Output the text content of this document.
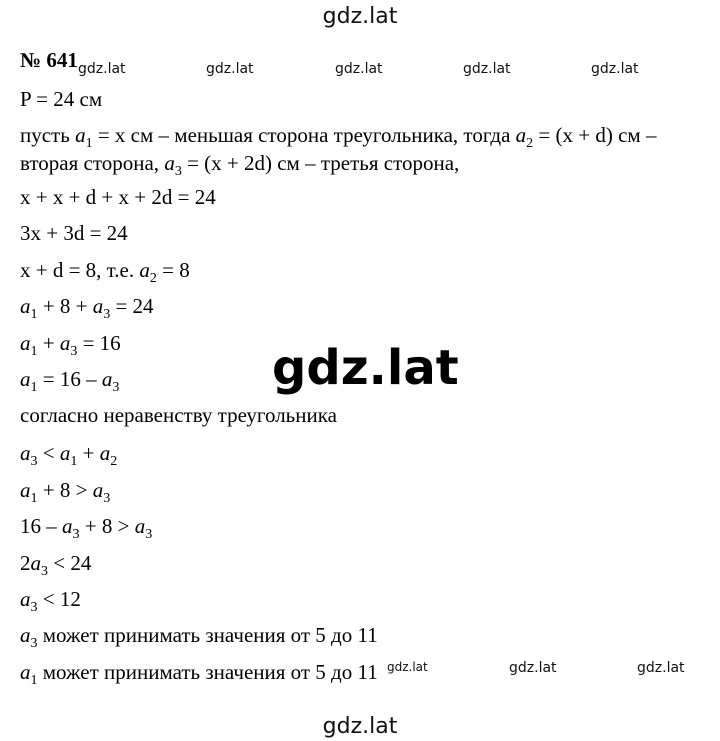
gdz.lat
№ 641
P = 24 см
пусть $a_1 = x$ см – меньшая сторона треугольника, тогда $a_2 = (x + d)$ см –
вторая сторона, $a_3 = (x + 2d)$ см – третья сторона,
x + x + d + x + 2d = 24
3x + 3d = 24
x + d = 8, т.е. $a_2 = 8$
$a_1 + 8 + a_3 = 24$
$a_1 + a_3 = 16$
$a_1 = 16 - a_3$
согласно неравенству треугольника
$a_3 < a_1 + a_2$
$a_1 + 8 > a_3$
$16 - a_3 + 8 > a_3$
$2a_3 < 24$
$a_3 < 12$
$a_3$ может принимать значения от 5 до 11
$a_1$ может принимать значения от 5 до 11
gdz.lat	gdz.lat	gdz.lat	gdz.lat	gdz.lat
gdz.lat	gdz.lat	gdz.lat
gdz.lat
gdz.lat
